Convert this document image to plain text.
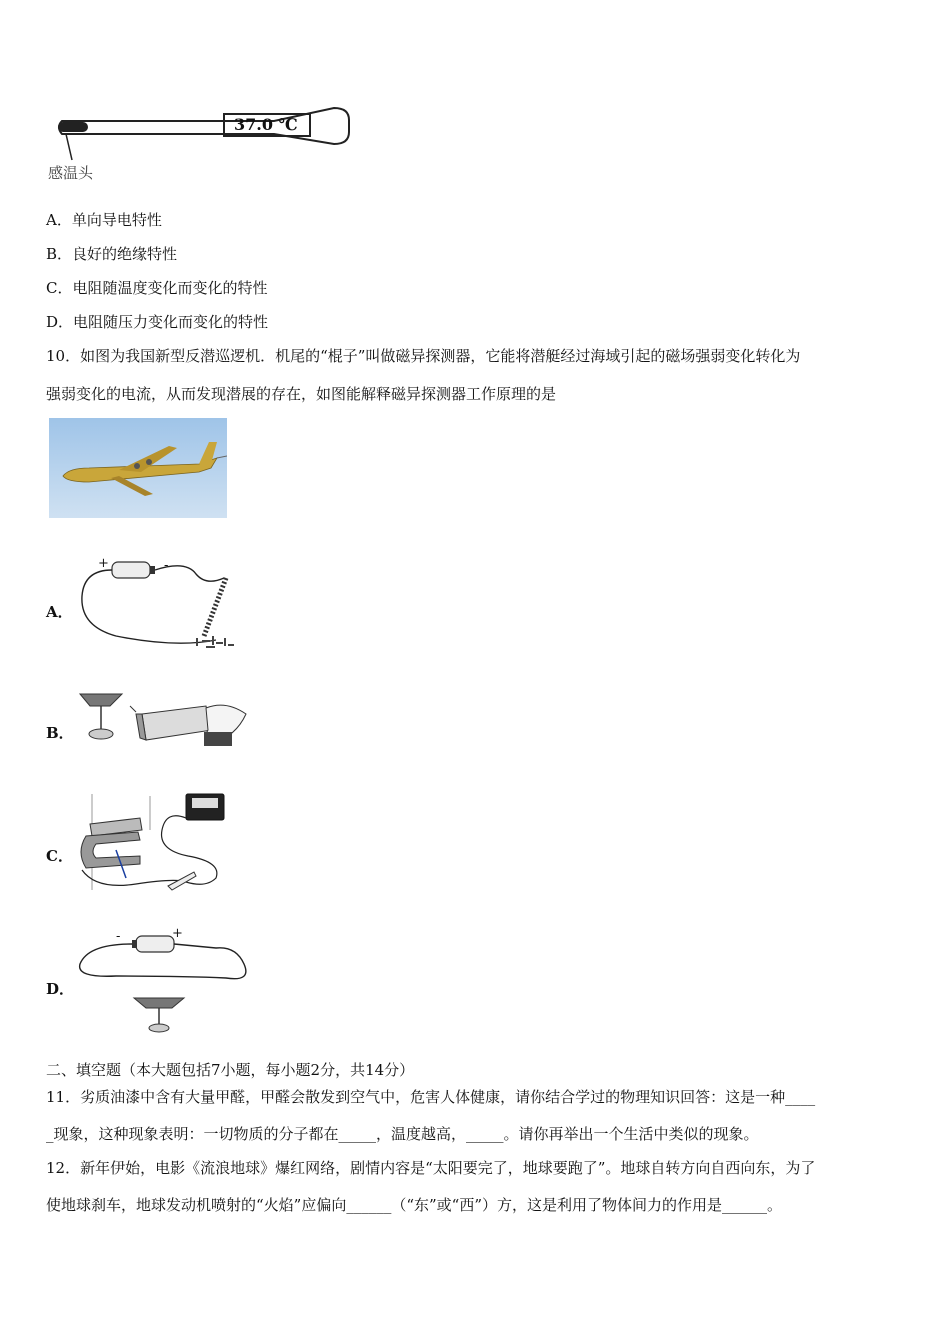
37.0 ℃
感温头
A．单向导电特性
B．良好的绝缘特性
C．电阻随温度变化而变化的特性
D．电阻随压力变化而变化的特性
10．如图为我国新型反潜巡逻机．机尾的“棍子”叫做磁异探测器，它能将潜艇经过海域引起的磁场强弱变化转化为
强弱变化的电流，从而发现潜展的存在，如图能解释磁异探测器工作原理的是
A．
+	-
B．
C．
D．
-	+
二、填空题（本大题包括7小题，每小题2分，共14分）
11．劣质油漆中含有大量甲醛，甲醛会散发到空气中，危害人体健康，请你结合学过的物理知识回答：这是一种____
_现象，这种现象表明：一切物质的分子都在_____，温度越高，_____。请你再举出一个生活中类似的现象。
12．新年伊始，电影《流浪地球》爆红网络，剧情内容是“太阳要完了，地球要跑了”。地球自转方向自西向东，为了
使地球刹车，地球发动机喷射的“火焰”应偏向______（“东”或“西”）方，这是利用了物体间力的作用是______。
